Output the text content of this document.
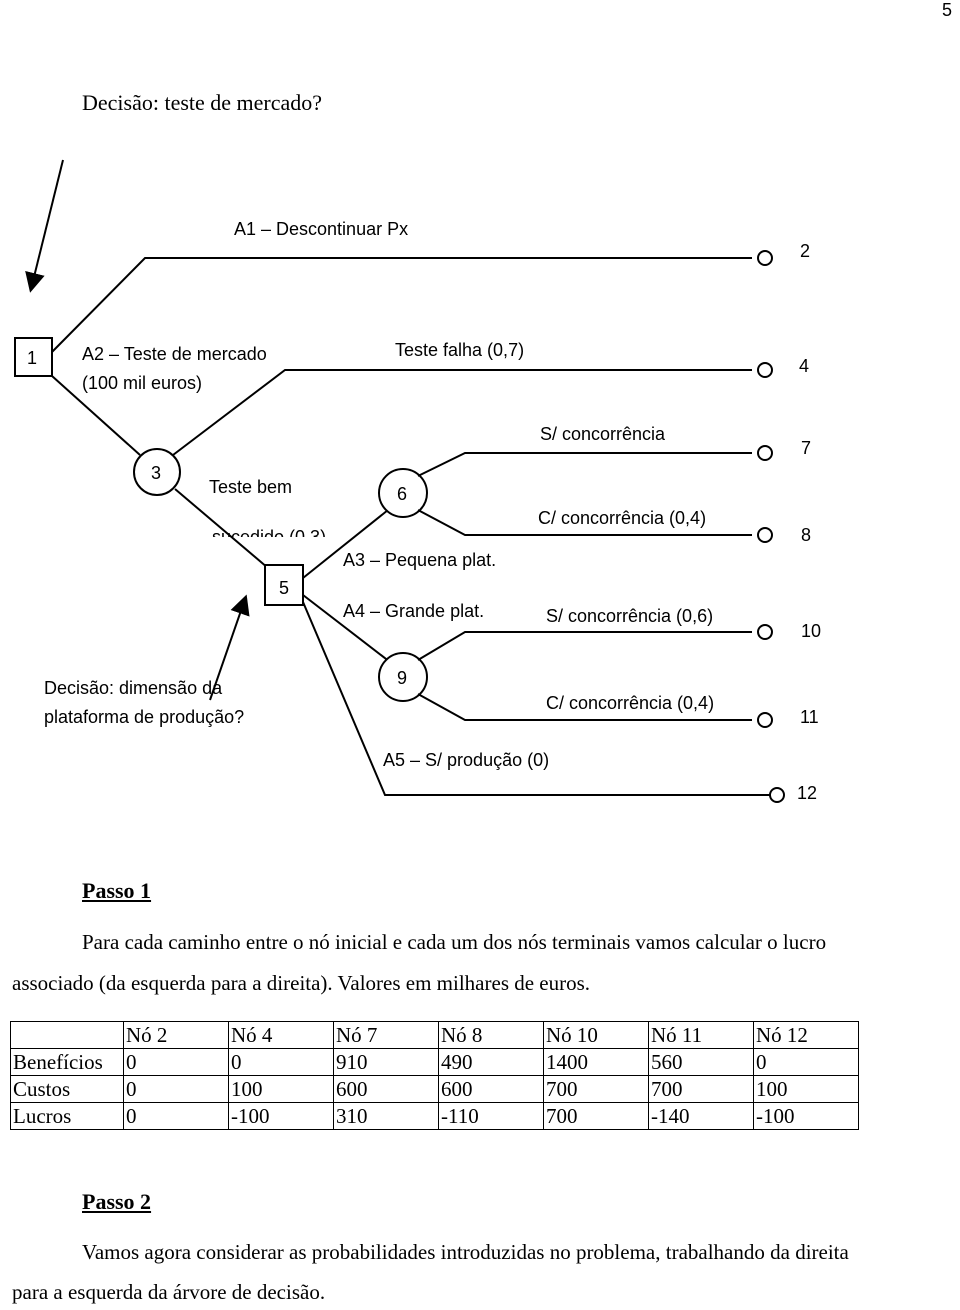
5
Decisão: teste de mercado?
1
3
5
6
9
2
4
7
8
10
11
12
A1 – Descontinuar Px
A2 – Teste de mercado
(100 mil euros)
Teste falha (0,7)
Teste bem
sucedido (0,3)
A3 – Pequena plat.
A4 – Grande plat.
A5 – S/ produção (0)
S/ concorrência
C/ concorrência (0,4)
S/ concorrência (0,6)
C/ concorrência (0,4)
Decisão: dimensão da
plataforma de produção?
Passo 1
Para cada caminho entre o nó inicial e cada um dos nós terminais vamos calcular o lucro
associado (da esquerda para a direita). Valores em milhares de euros.
	Nó 2	Nó 4	Nó 7	Nó 8	Nó 10	Nó 11	Nó 12
Benefícios	0	0	910	490	1400	560	0
Custos	0	100	600	600	700	700	100
Lucros	0	-100	310	-110	700	-140	-100
Passo 2
Vamos agora considerar as probabilidades introduzidas no problema, trabalhando da direita
para a esquerda da árvore de decisão.
